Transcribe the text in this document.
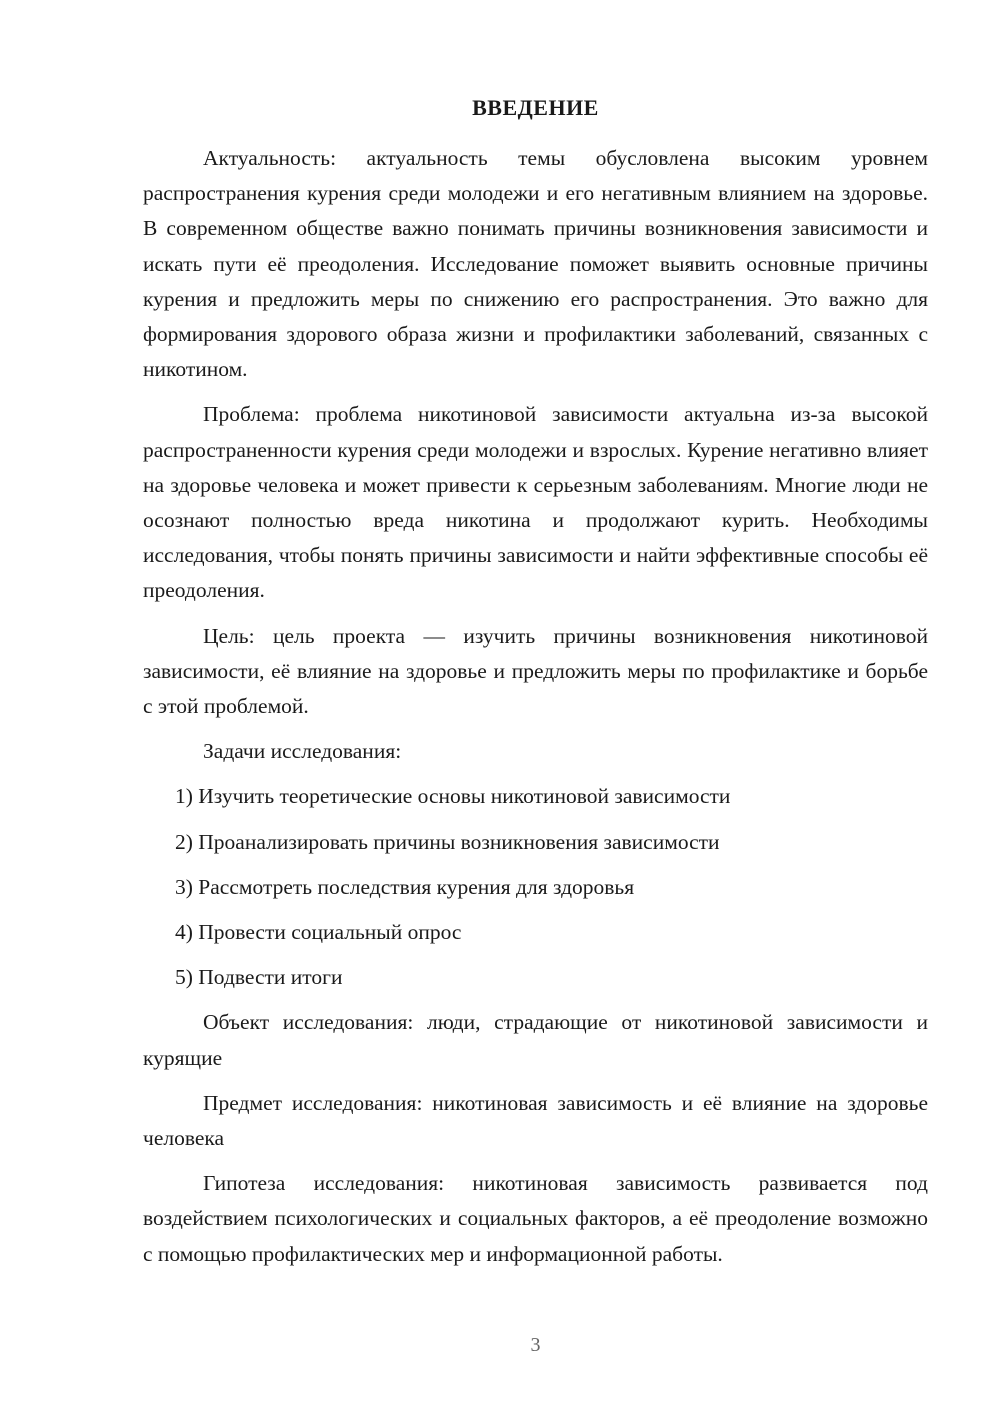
ВВЕДЕНИЕ

Актуальность: актуальность темы обусловлена высоким уровнем распространения курения среди молодежи и его негативным влиянием на здоровье. В современном обществе важно понимать причины возникновения зависимости и искать пути её преодоления. Исследование поможет выявить основные причины курения и предложить меры по снижению его распространения. Это важно для формирования здорового образа жизни и профилактики заболеваний, связанных с никотином.

Проблема: проблема никотиновой зависимости актуальна из-за высокой распространенности курения среди молодежи и взрослых. Курение негативно влияет на здоровье человека и может привести к серьезным заболеваниям. Многие люди не осознают полностью вреда никотина и продолжают курить. Необходимы исследования, чтобы понять причины зависимости и найти эффективные способы её преодоления.

Цель: цель проекта — изучить причины возникновения никотиновой зависимости, её влияние на здоровье и предложить меры по профилактике и борьбе с этой проблемой.

Задачи исследования:

1) Изучить теоретические основы никотиновой зависимости
2) Проанализировать причины возникновения зависимости
3) Рассмотреть последствия курения для здоровья
4) Провести социальный опрос
5) Подвести итоги

Объект исследования: люди, страдающие от никотиновой зависимости и курящие

Предмет исследования: никотиновая зависимость и её влияние на здоровье человека

Гипотеза исследования: никотиновая зависимость развивается под воздействием психологических и социальных факторов, а её преодоление возможно с помощью профилактических мер и информационной работы.

3
